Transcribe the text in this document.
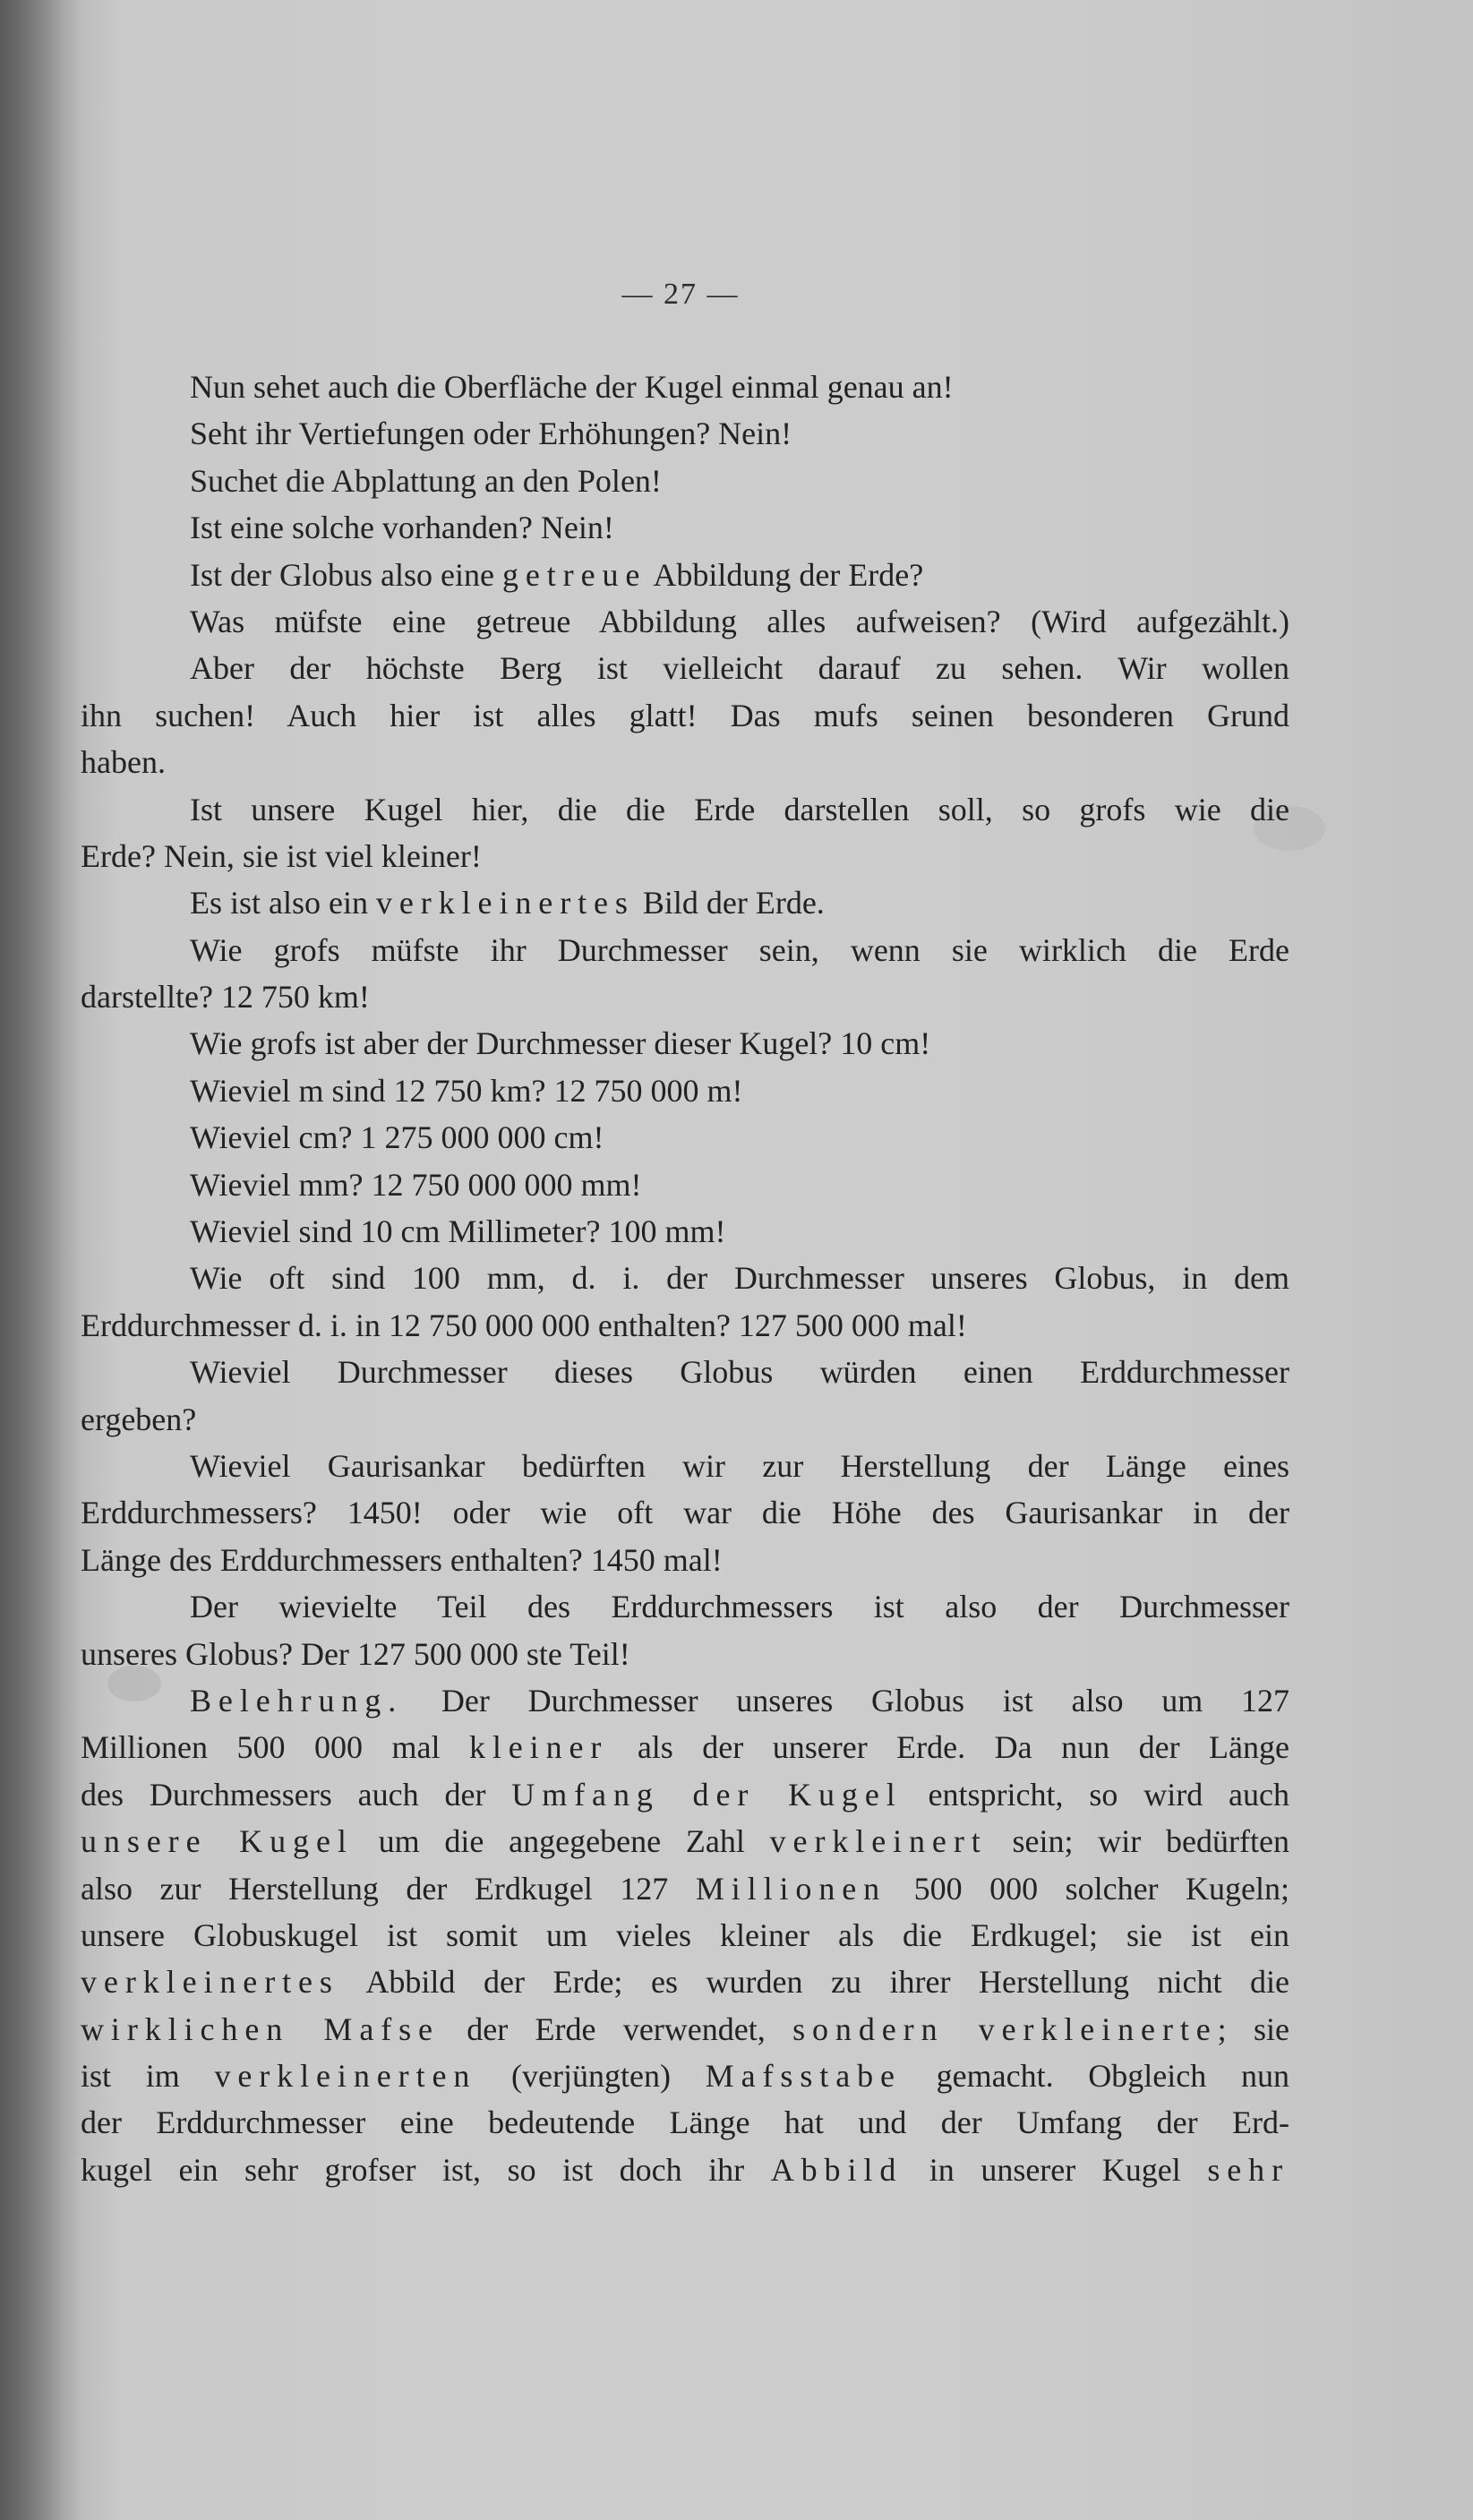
— 27 —
Nun sehet auch die Oberfläche der Kugel einmal genau an!
Seht ihr Vertiefungen oder Erhöhungen? Nein!
Suchet die Abplattung an den Polen!
Ist eine solche vorhanden? Nein!
Ist der Globus also eine getreue Abbildung der Erde?
Was müfste eine getreue Abbildung alles aufweisen? (Wird aufgezählt.)
Aber der höchste Berg ist vielleicht darauf zu sehen. Wir wollen
ihn suchen! Auch hier ist alles glatt! Das mufs seinen besonderen Grund
haben.
Ist unsere Kugel hier, die die Erde darstellen soll, so grofs wie die
Erde? Nein, sie ist viel kleiner!
Es ist also ein verkleinertes Bild der Erde.
Wie grofs müfste ihr Durchmesser sein, wenn sie wirklich die Erde
darstellte? 12 750 km!
Wie grofs ist aber der Durchmesser dieser Kugel? 10 cm!
Wieviel m sind 12 750 km? 12 750 000 m!
Wieviel cm? 1 275 000 000 cm!
Wieviel mm? 12 750 000 000 mm!
Wieviel sind 10 cm Millimeter? 100 mm!
Wie oft sind 100 mm, d. i. der Durchmesser unseres Globus, in dem
Erddurchmesser d. i. in 12 750 000 000 enthalten? 127 500 000 mal!
Wieviel Durchmesser dieses Globus würden einen Erddurchmesser
ergeben?
Wieviel Gaurisankar bedürften wir zur Herstellung der Länge eines
Erddurchmessers? 1450! oder wie oft war die Höhe des Gaurisankar in der
Länge des Erddurchmessers enthalten? 1450 mal!
Der wievielte Teil des Erddurchmessers ist also der Durchmesser
unseres Globus? Der 127 500 000 ste Teil!
Belehrung. Der Durchmesser unseres Globus ist also um 127
Millionen 500 000 mal kleiner als der unserer Erde. Da nun der Länge
des Durchmessers auch der Umfang der Kugel entspricht, so wird auch
unsere Kugel um die angegebene Zahl verkleinert sein; wir bedürften
also zur Herstellung der Erdkugel 127 Millionen 500 000 solcher Kugeln;
unsere Globuskugel ist somit um vieles kleiner als die Erdkugel; sie ist ein
verkleinertes Abbild der Erde; es wurden zu ihrer Herstellung nicht die
wirklichen Mafse der Erde verwendet, sondern verkleinerte; sie
ist im verkleinerten (verjüngten) Mafsstabe gemacht. Obgleich nun
der Erddurchmesser eine bedeutende Länge hat und der Umfang der Erd-
kugel ein sehr grofser ist, so ist doch ihr Abbild in unserer Kugel sehr
